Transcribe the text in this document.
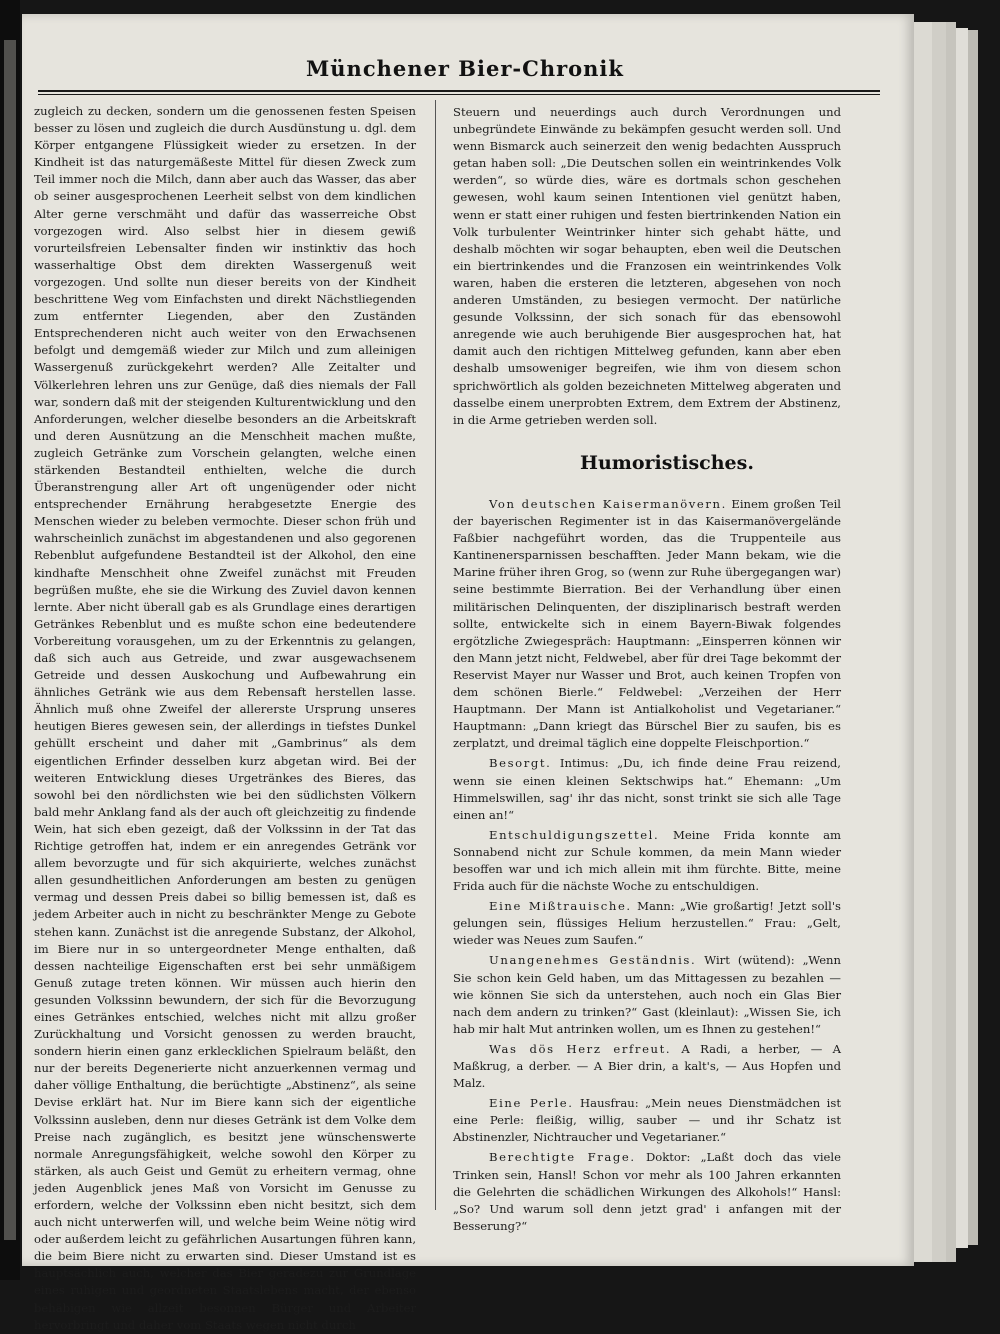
Münchener Bier-Chronik

zugleich zu decken, sondern um die genossenen festen Speisen besser zu lösen und zugleich die durch Ausdünstung u. dgl. dem Körper entgangene Flüssigkeit wieder zu ersetzen. In der Kindheit ist das naturgemäßeste Mittel für diesen Zweck zum Teil immer noch die Milch, dann aber auch das Wasser, das aber ob seiner ausgesprochenen Leerheit selbst von dem kindlichen Alter gerne verschmäht und dafür das wasserreiche Obst vorgezogen wird. Also selbst hier in diesem gewiß vorurteilsfreien Lebensalter finden wir instinktiv das hoch wasserhaltige Obst dem direkten Wassergenuß weit vorgezogen. Und sollte nun dieser bereits von der Kindheit beschrittene Weg vom Einfachsten und direkt Nächstliegenden zum entfernter Liegenden, aber den Zuständen Entsprechenderen nicht auch weiter von den Erwachsenen befolgt und demgemäß wieder zur Milch und zum alleinigen Wassergenuß zurückgekehrt werden? Alle Zeitalter und Völkerlehren lehren uns zur Genüge, daß dies niemals der Fall war, sondern daß mit der steigenden Kulturentwicklung und den Anforderungen, welcher dieselbe besonders an die Arbeitskraft und deren Ausnützung an die Menschheit machen mußte, zugleich Getränke zum Vorschein gelangten, welche einen stärkenden Bestandteil enthielten, welche die durch Überanstrengung aller Art oft ungenügender oder nicht entsprechender Ernährung herabgesetzte Energie des Menschen wieder zu beleben vermochte. Dieser schon früh und wahrscheinlich zunächst im abgestandenen und also gegorenen Rebenblut aufgefundene Bestandteil ist der Alkohol, den eine kindhafte Menschheit ohne Zweifel zunächst mit Freuden begrüßen mußte, ehe sie die Wirkung des Zuviel davon kennen lernte. Aber nicht überall gab es als Grundlage eines derartigen Getränkes Rebenblut und es mußte schon eine bedeutendere Vorbereitung vorausgehen, um zu der Erkenntnis zu gelangen, daß sich auch aus Getreide, und zwar ausgewachsenem Getreide und dessen Auskochung und Aufbewahrung ein ähnliches Getränk wie aus dem Rebensaft herstellen lasse. Ähnlich muß ohne Zweifel der allererste Ursprung unseres heutigen Bieres gewesen sein, der allerdings in tiefstes Dunkel gehüllt erscheint und daher mit „Gambrinus“ als dem eigentlichen Erfinder desselben kurz abgetan wird. Bei der weiteren Entwicklung dieses Urgetränkes des Bieres, das sowohl bei den nördlichsten wie bei den südlichsten Völkern bald mehr Anklang fand als der auch oft gleichzeitig zu findende Wein, hat sich eben gezeigt, daß der Volkssinn in der Tat das Richtige getroffen hat, indem er ein anregendes Getränk vor allem bevorzugte und für sich akquirierte, welches zunächst allen gesundheitlichen Anforderungen am besten zu genügen vermag und dessen Preis dabei so billig bemessen ist, daß es jedem Arbeiter auch in nicht zu beschränkter Menge zu Gebote stehen kann. Zunächst ist die anregende Substanz, der Alkohol, im Biere nur in so untergeordneter Menge enthalten, daß dessen nachteilige Eigenschaften erst bei sehr unmäßigem Genuß zutage treten können. Wir müssen auch hierin den gesunden Volkssinn bewundern, der sich für die Bevorzugung eines Getränkes entschied, welches nicht mit allzu großer Zurückhaltung und Vorsicht genossen zu werden braucht, sondern hierin einen ganz erklecklichen Spielraum beläßt, den nur der bereits Degenerierte nicht anzuerkennen vermag und daher völlige Enthaltung, die berüchtigte „Abstinenz“, als seine Devise erklärt hat. Nur im Biere kann sich der eigentliche Volkssinn ausleben, denn nur dieses Getränk ist dem Volke dem Preise nach zugänglich, es besitzt jene wünschenswerte normale Anregungsfähigkeit, welche sowohl den Körper zu stärken, als auch Geist und Gemüt zu erheitern vermag, ohne jeden Augenblick jenes Maß von Vorsicht im Genusse zu erfordern, welche der Volkssinn eben nicht besitzt, sich dem auch nicht unterwerfen will, und welche beim Weine nötig wird oder außerdem leicht zu gefährlichen Ausartungen führen kann, die beim Biere nicht zu erwarten sind. Dieser Umstand ist es hauptsächlich auch, welcher das Bier geradezu zur Grundlage eines ruhigen und geordneten Staatslebens macht, der ebenso behäbigen wie allzeit besonnen Bürger und Arbeiter hervorbringt und daher vom Staats wegen nicht durch

Steuern und neuerdings auch durch Verordnungen und unbegründete Einwände zu bekämpfen gesucht werden soll. Und wenn Bismarck auch seinerzeit den wenig bedachten Ausspruch getan haben soll: „Die Deutschen sollen ein weintrinkendes Volk werden“, so würde dies, wäre es dortmals schon geschehen gewesen, wohl kaum seinen Intentionen viel genützt haben, wenn er statt einer ruhigen und festen biertrinkenden Nation ein Volk turbulenter Weintrinker hinter sich gehabt hätte, und deshalb möchten wir sogar behaupten, eben weil die Deutschen ein biertrinkendes und die Franzosen ein weintrinkendes Volk waren, haben die ersteren die letzteren, abgesehen von noch anderen Umständen, zu besiegen vermocht. Der natürliche gesunde Volkssinn, der sich sonach für das ebensowohl anregende wie auch beruhigende Bier ausgesprochen hat, hat damit auch den richtigen Mittelweg gefunden, kann aber eben deshalb umsoweniger begreifen, wie ihm von diesem schon sprichwörtlich als golden bezeichneten Mittelweg abgeraten und dasselbe einem unerprobten Extrem, dem Extrem der Abstinenz, in die Arme getrieben werden soll.

Humoristisches.

Von deutschen Kaisermanövern. Einem großen Teil der bayerischen Regimenter ist in das Kaisermanövergelände Faßbier nachgeführt worden, das die Truppenteile aus Kantinenersparnissen beschafften. Jeder Mann bekam, wie die Marine früher ihren Grog, so (wenn zur Ruhe übergegangen war) seine bestimmte Bierration. Bei der Verhandlung über einen militärischen Delinquenten, der disziplinarisch bestraft werden sollte, entwickelte sich in einem Bayern-Biwak folgendes ergötzliche Zwiegespräch: Hauptmann: „Einsperren können wir den Mann jetzt nicht, Feldwebel, aber für drei Tage bekommt der Reservist Mayer nur Wasser und Brot, auch keinen Tropfen von dem schönen Bierle.“ Feldwebel: „Verzeihen der Herr Hauptmann. Der Mann ist Antialkoholist und Vegetarianer.“ Hauptmann: „Dann kriegt das Bürschel Bier zu saufen, bis es zerplatzt, und dreimal täglich eine doppelte Fleischportion.“

Besorgt. Intimus: „Du, ich finde deine Frau reizend, wenn sie einen kleinen Sektschwips hat.“ Ehemann: „Um Himmelswillen, sag' ihr das nicht, sonst trinkt sie sich alle Tage einen an!“

Entschuldigungszettel. Meine Frida konnte am Sonnabend nicht zur Schule kommen, da mein Mann wieder besoffen war und ich mich allein mit ihm fürchte. Bitte, meine Frida auch für die nächste Woche zu entschuldigen.

Eine Mißtrauische. Mann: „Wie großartig! Jetzt soll's gelungen sein, flüssiges Helium herzustellen.“ Frau: „Gelt, wieder was Neues zum Saufen.“

Unangenehmes Geständnis. Wirt (wütend): „Wenn Sie schon kein Geld haben, um das Mittagessen zu bezahlen — wie können Sie sich da unterstehen, auch noch ein Glas Bier nach dem andern zu trinken?“ Gast (kleinlaut): „Wissen Sie, ich hab mir halt Mut antrinken wollen, um es Ihnen zu gestehen!“

Was dös Herz erfreut. A Radi, a herber, — A Maßkrug, a derber. — A Bier drin, a kalt's, — Aus Hopfen und Malz.

Eine Perle. Hausfrau: „Mein neues Dienstmädchen ist eine Perle: fleißig, willig, sauber — und ihr Schatz ist Abstinenzler, Nichtraucher und Vegetarianer.“

Berechtigte Frage. Doktor: „Laßt doch das viele Trinken sein, Hansl! Schon vor mehr als 100 Jahren erkannten die Gelehrten die schädlichen Wirkungen des Alkohols!“ Hansl: „So? Und warum soll denn jetzt grad' i anfangen mit der Besserung?“
